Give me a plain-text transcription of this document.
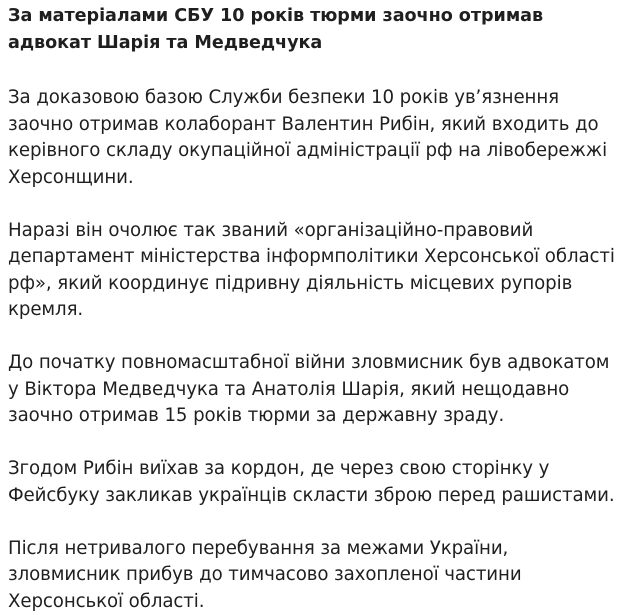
За матеріалами СБУ 10 років тюрми заочно отримав адвокат Шарія та Медведчука

За доказовою базою Служби безпеки 10 років ув’язнення заочно отримав колаборант Валентин Рибін, який входить до керівного складу окупаційної адміністрації рф на лівобережжі Херсонщини.

Наразі він очолює так званий «організаційно-правовий департамент міністерства інформполітики Херсонської області рф», який координує підривну діяльність місцевих рупорів кремля.

До початку повномасштабної війни зловмисник був адвокатом у Віктора Медведчука та Анатолія Шарія, який нещодавно заочно отримав 15 років тюрми за державну зраду.

Згодом Рибін виїхав за кордон, де через свою сторінку у Фейсбуку закликав українців скласти зброю перед рашистами.

Після нетривалого перебування за межами України, зловмисник прибув до тимчасово захопленої частини Херсонської області.
